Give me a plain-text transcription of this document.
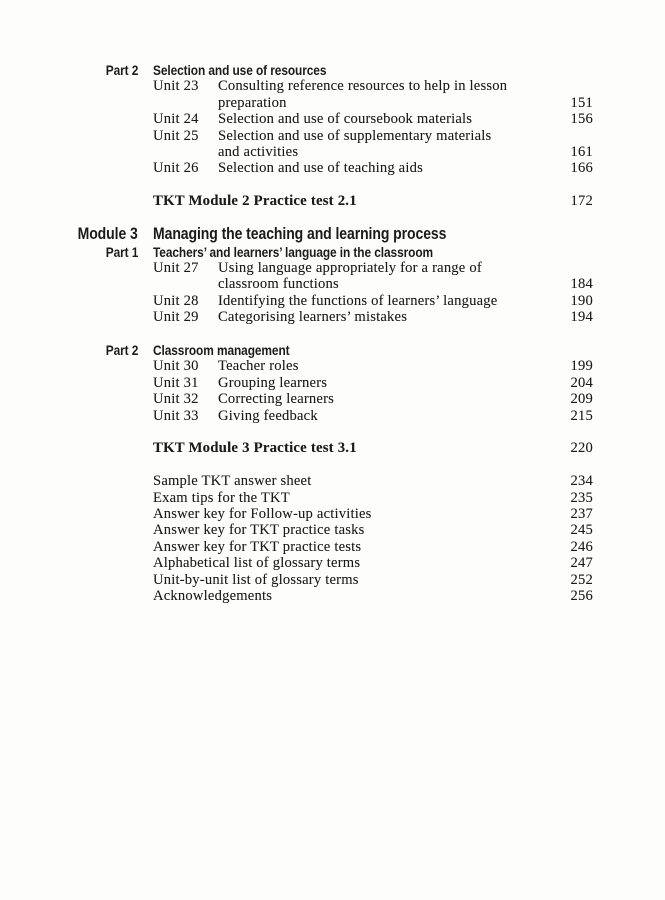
Part 2	Selection and use of resources
Unit 23	Consulting reference resources to help in lesson
preparation	151
Unit 24	Selection and use of coursebook materials	156
Unit 25	Selection and use of supplementary materials
and activities	161
Unit 26	Selection and use of teaching aids	166
TKT Module 2 Practice test 2.1	172
Module 3 Managing the teaching and learning process
Part 1	Teachers’ and learners’ language in the classroom
Unit 27	Using language appropriately for a range of
classroom functions	184
Unit 28	Identifying the functions of learners’ language	190
Unit 29	Categorising learners’ mistakes	194
Part 2	Classroom management
Unit 30	Teacher roles	199
Unit 31	Grouping learners	204
Unit 32	Correcting learners	209
Unit 33	Giving feedback	215
TKT Module 3 Practice test 3.1	220
Sample TKT answer sheet	234
Exam tips for the TKT	235
Answer key for Follow-up activities	237
Answer key for TKT practice tasks	245
Answer key for TKT practice tests	246
Alphabetical list of glossary terms	247
Unit-by-unit list of glossary terms	252
Acknowledgements	256
